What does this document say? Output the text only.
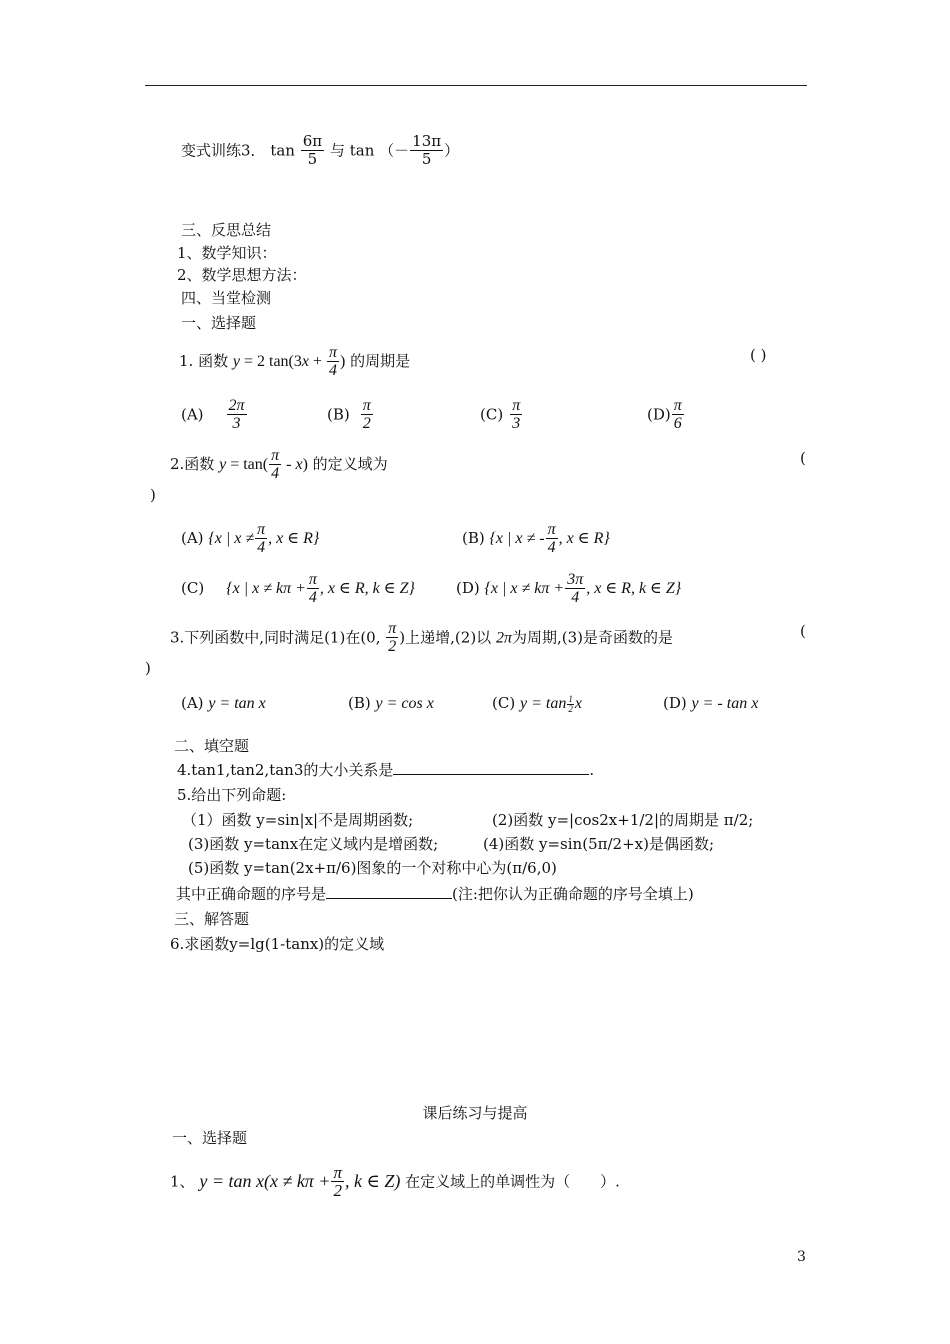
变式训练3． $\tan \frac{6\pi}{5}$ 与 tan （－ $\frac{13\pi}{5}$ ）
三、反思总结
1、数学知识：
2、数学思想方法：
四、当堂检测
一、选择题
1. 函数 y = 2 $\tan(3x + \frac{\pi}{4}$ ) 的周期是	( )
$(A) \frac{2\pi}{3}$	$(B) \frac{\pi}{2}$	$(C) \frac{\pi}{3}$	$(D) \frac{\pi}{6}$
2.函数 $y = \tan( \frac{\pi}{4} - x)$ 的定义域为	(
)
(A) {x | $x \ne \frac{\pi}{4}$ , x ∈ R}	(B) {x | x ≠ - $\frac{\pi}{4}$ , x ∈ R}
(C) {x | $x \ne k\pi + \frac{\pi}{4}$ , x ∈ R, k ∈ Z}	(D) {x | $x \ne k\pi + \frac{3\pi}{4}$ , x ∈ R, k ∈ Z}
3.下列函数中,同时满足(1)在(0, $\frac{\pi}{2}$ )上递增,(2)以 2π为周期,(3)是奇函数的是	(
)
(A) y = tan x	(B) y = cos x	(C) $y = \tan \frac{1}{2}$ x	(D) y = - tan x
二、填空题
4.tan1,tan2,tan3的大小关系是	.
5.给出下列命题:
（1）函数 y=sin|x|不是周期函数;	(2)函数 y=|cos2x+1/2|的周期是 π/2;
(3)函数 y=tanx在定义域内是增函数;	(4)函数 y=sin(5π/2+x)是偶函数;
(5)函数 y=tan(2x+π/6)图象的一个对称中心为(π/6,0)
其中正确命题的序号是	(注:把你认为正确命题的序号全填上)
三、解答题
6.求函数y=lg(1-tanx)的定义域
课后练习与提高
一、选择题
1、 $y = \tan x(x \ne k\pi + \frac{\pi}{2}$ , k ∈ Z) 在定义域上的单调性为（　　）.
3
